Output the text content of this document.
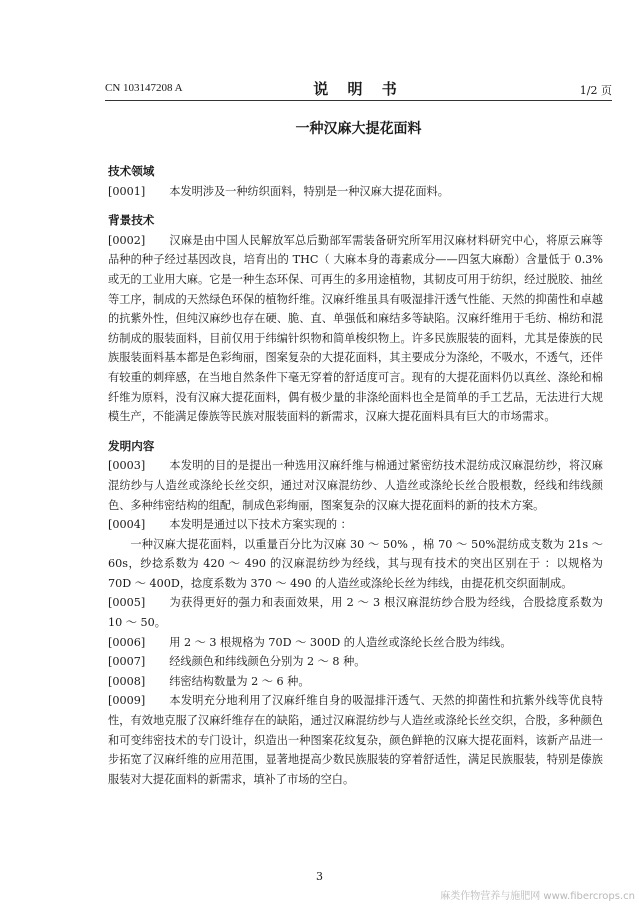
CN 103147208 A	说 明 书	1/2 页
一种汉麻大提花面料
技术领域

[0001] 本发明涉及一种纺织面料，特别是一种汉麻大提花面料。

背景技术

[0002] 汉麻是由中国人民解放军总后勤部军需装备研究所军用汉麻材料研究中心，将原云麻等品种的种子经过基因改良，培育出的 THC（ 大麻本身的毒素成分——四氢大麻酚）含量低于 0.3%或无的工业用大麻。它是一种生态环保、可再生的多用途植物，其韧皮可用于纺织，经过脱胶、抽丝等工序，制成的天然绿色环保的植物纤维。汉麻纤维虽具有吸湿排汗透气性能、天然的抑菌性和卓越的抗紫外性，但纯汉麻纱也存在硬、脆、直、单强低和麻结多等缺陷。汉麻纤维用于毛纺、棉纺和混纺制成的服装面料，目前仅用于纬编针织物和简单梭织物上。许多民族服装的面料，尤其是傣族的民族服装面料基本都是色彩绚丽，图案复杂的大提花面料，其主要成分为涤纶，不吸水，不透气，还伴有较重的刺痒感，在当地自然条件下毫无穿着的舒适度可言。现有的大提花面料仍以真丝、涤纶和棉纤维为原料，没有汉麻大提花面料，偶有极少量的非涤纶面料也全是简单的手工艺品，无法进行大规模生产，不能满足傣族等民族对服装面料的新需求，汉麻大提花面料具有巨大的市场需求。

发明内容

[0003] 本发明的目的是提出一种选用汉麻纤维与棉通过紧密纺技术混纺成汉麻混纺纱，将汉麻混纺纱与人造丝或涤纶长丝交织，通过对汉麻混纺纱、人造丝或涤纶长丝合股根数，经线和纬线颜色、多种纬密结构的组配，制成色彩绚丽，图案复杂的汉麻大提花面料的新的技术方案。

[0004] 本发明是通过以下技术方案实现的 ：

一种汉麻大提花面料，以重量百分比为汉麻 30 ～ 50% ，棉 70 ～ 50%混纺成支数为 21s ～ 60s，纱捻系数为 420 ～ 490 的汉麻混纺纱为经线，其与现有技术的突出区别在于 ：以规格为 70D ～ 400D，捻度系数为 370 ～ 490 的人造丝或涤纶长丝为纬线，由提花机交织面制成。

[0005] 为获得更好的强力和表面效果，用 2 ～ 3 根汉麻混纺纱合股为经线，合股捻度系数为 10 ～ 50。

[0006] 用 2 ～ 3 根规格为 70D ～ 300D 的人造丝或涤纶长丝合股为纬线。

[0007] 经线颜色和纬线颜色分别为 2 ～ 8 种。

[0008] 纬密结构数量为 2 ～ 6 种。

[0009] 本发明充分地利用了汉麻纤维自身的吸湿排汗透气、天然的抑菌性和抗紫外线等优良特性，有效地克服了汉麻纤维存在的缺陷，通过汉麻混纺纱与人造丝或涤纶长丝交织，合股，多种颜色和可变纬密技术的专门设计，织造出一种图案花纹复杂，颜色鲜艳的汉麻大提花面料，该新产品进一步拓宽了汉麻纤维的应用范围，显著地提高少数民族服装的穿着舒适性，满足民族服装，特别是傣族服装对大提花面料的新需求，填补了市场的空白。

3
麻类作物营养与施肥网 www.fibercrops.cn
